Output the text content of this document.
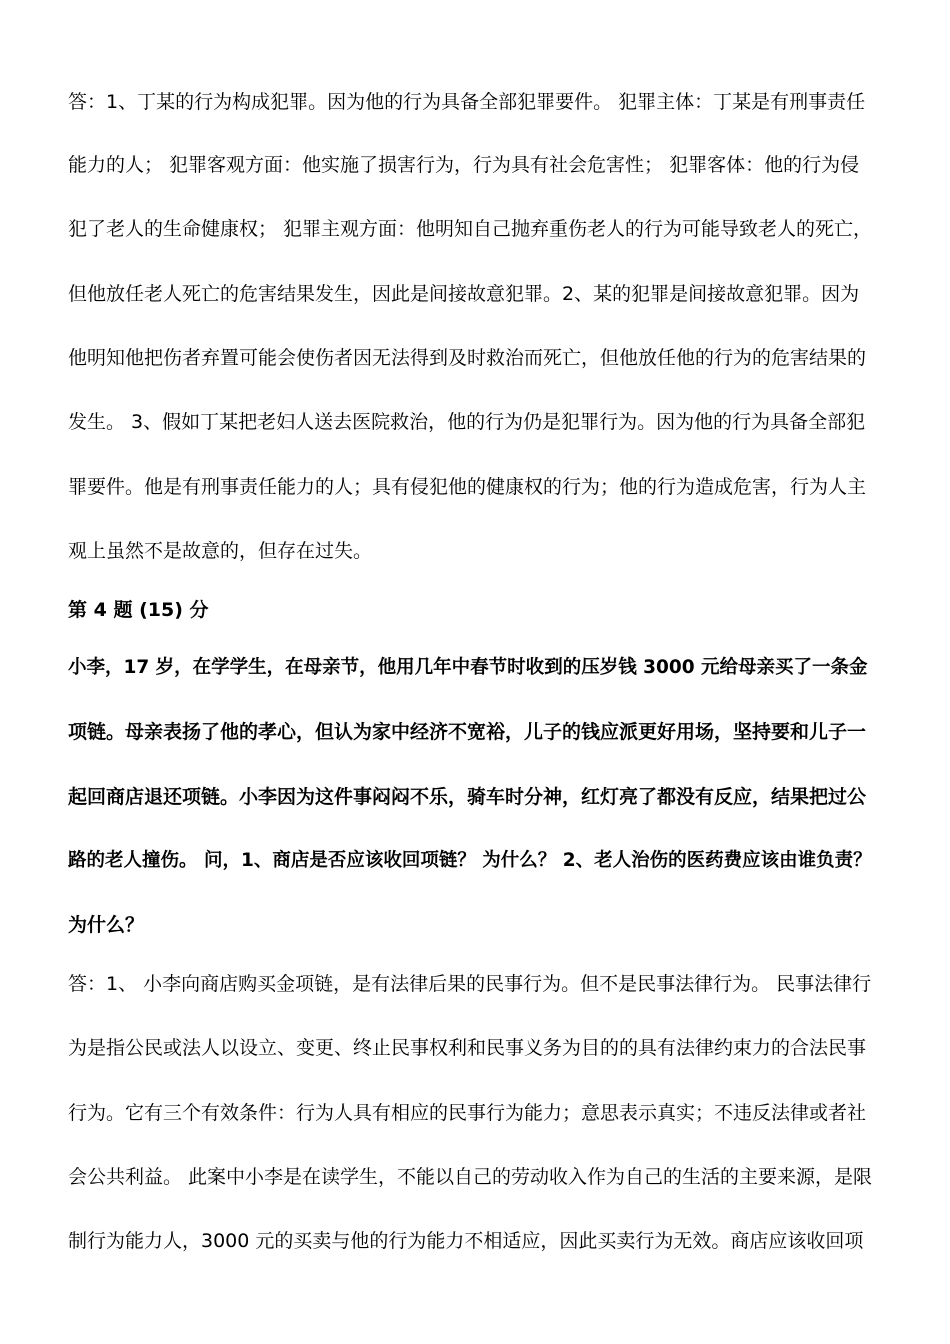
答：1、丁某的行为构成犯罪。因为他的行为具备全部犯罪要件。 犯罪主体：丁某是有刑事责任
能力的人； 犯罪客观方面：他实施了损害行为，行为具有社会危害性； 犯罪客体：他的行为侵
犯了老人的生命健康权； 犯罪主观方面：他明知自己抛弃重伤老人的行为可能导致老人的死亡，
但他放任老人死亡的危害结果发生，因此是间接故意犯罪。2、某的犯罪是间接故意犯罪。因为
他明知他把伤者弃置可能会使伤者因无法得到及时救治而死亡，但他放任他的行为的危害结果的
发生。 3、假如丁某把老妇人送去医院救治，他的行为仍是犯罪行为。因为他的行为具备全部犯
罪要件。他是有刑事责任能力的人；具有侵犯他的健康权的行为；他的行为造成危害，行为人主
观上虽然不是故意的，但存在过失。
第 4 题 (15) 分
小李，17 岁，在学学生，在母亲节，他用几年中春节时收到的压岁钱 3000 元给母亲买了一条金
项链。母亲表扬了他的孝心，但认为家中经济不宽裕，儿子的钱应派更好用场，坚持要和儿子一
起回商店退还项链。小李因为这件事闷闷不乐，骑车时分神，红灯亮了都没有反应，结果把过公
路的老人撞伤。 问，1、商店是否应该收回项链？ 为什么？ 2、老人治伤的医药费应该由谁负责？
为什么？
答：1、 小李向商店购买金项链，是有法律后果的民事行为。但不是民事法律行为。 民事法律行
为是指公民或法人以设立、变更、终止民事权利和民事义务为目的的具有法律约束力的合法民事
行为。它有三个有效条件：行为人具有相应的民事行为能力；意思表示真实；不违反法律或者社
会公共利益。 此案中小李是在读学生，不能以自己的劳动收入作为自己的生活的主要来源，是限
制行为能力人，3000 元的买卖与他的行为能力不相适应，因此买卖行为无效。商店应该收回项
